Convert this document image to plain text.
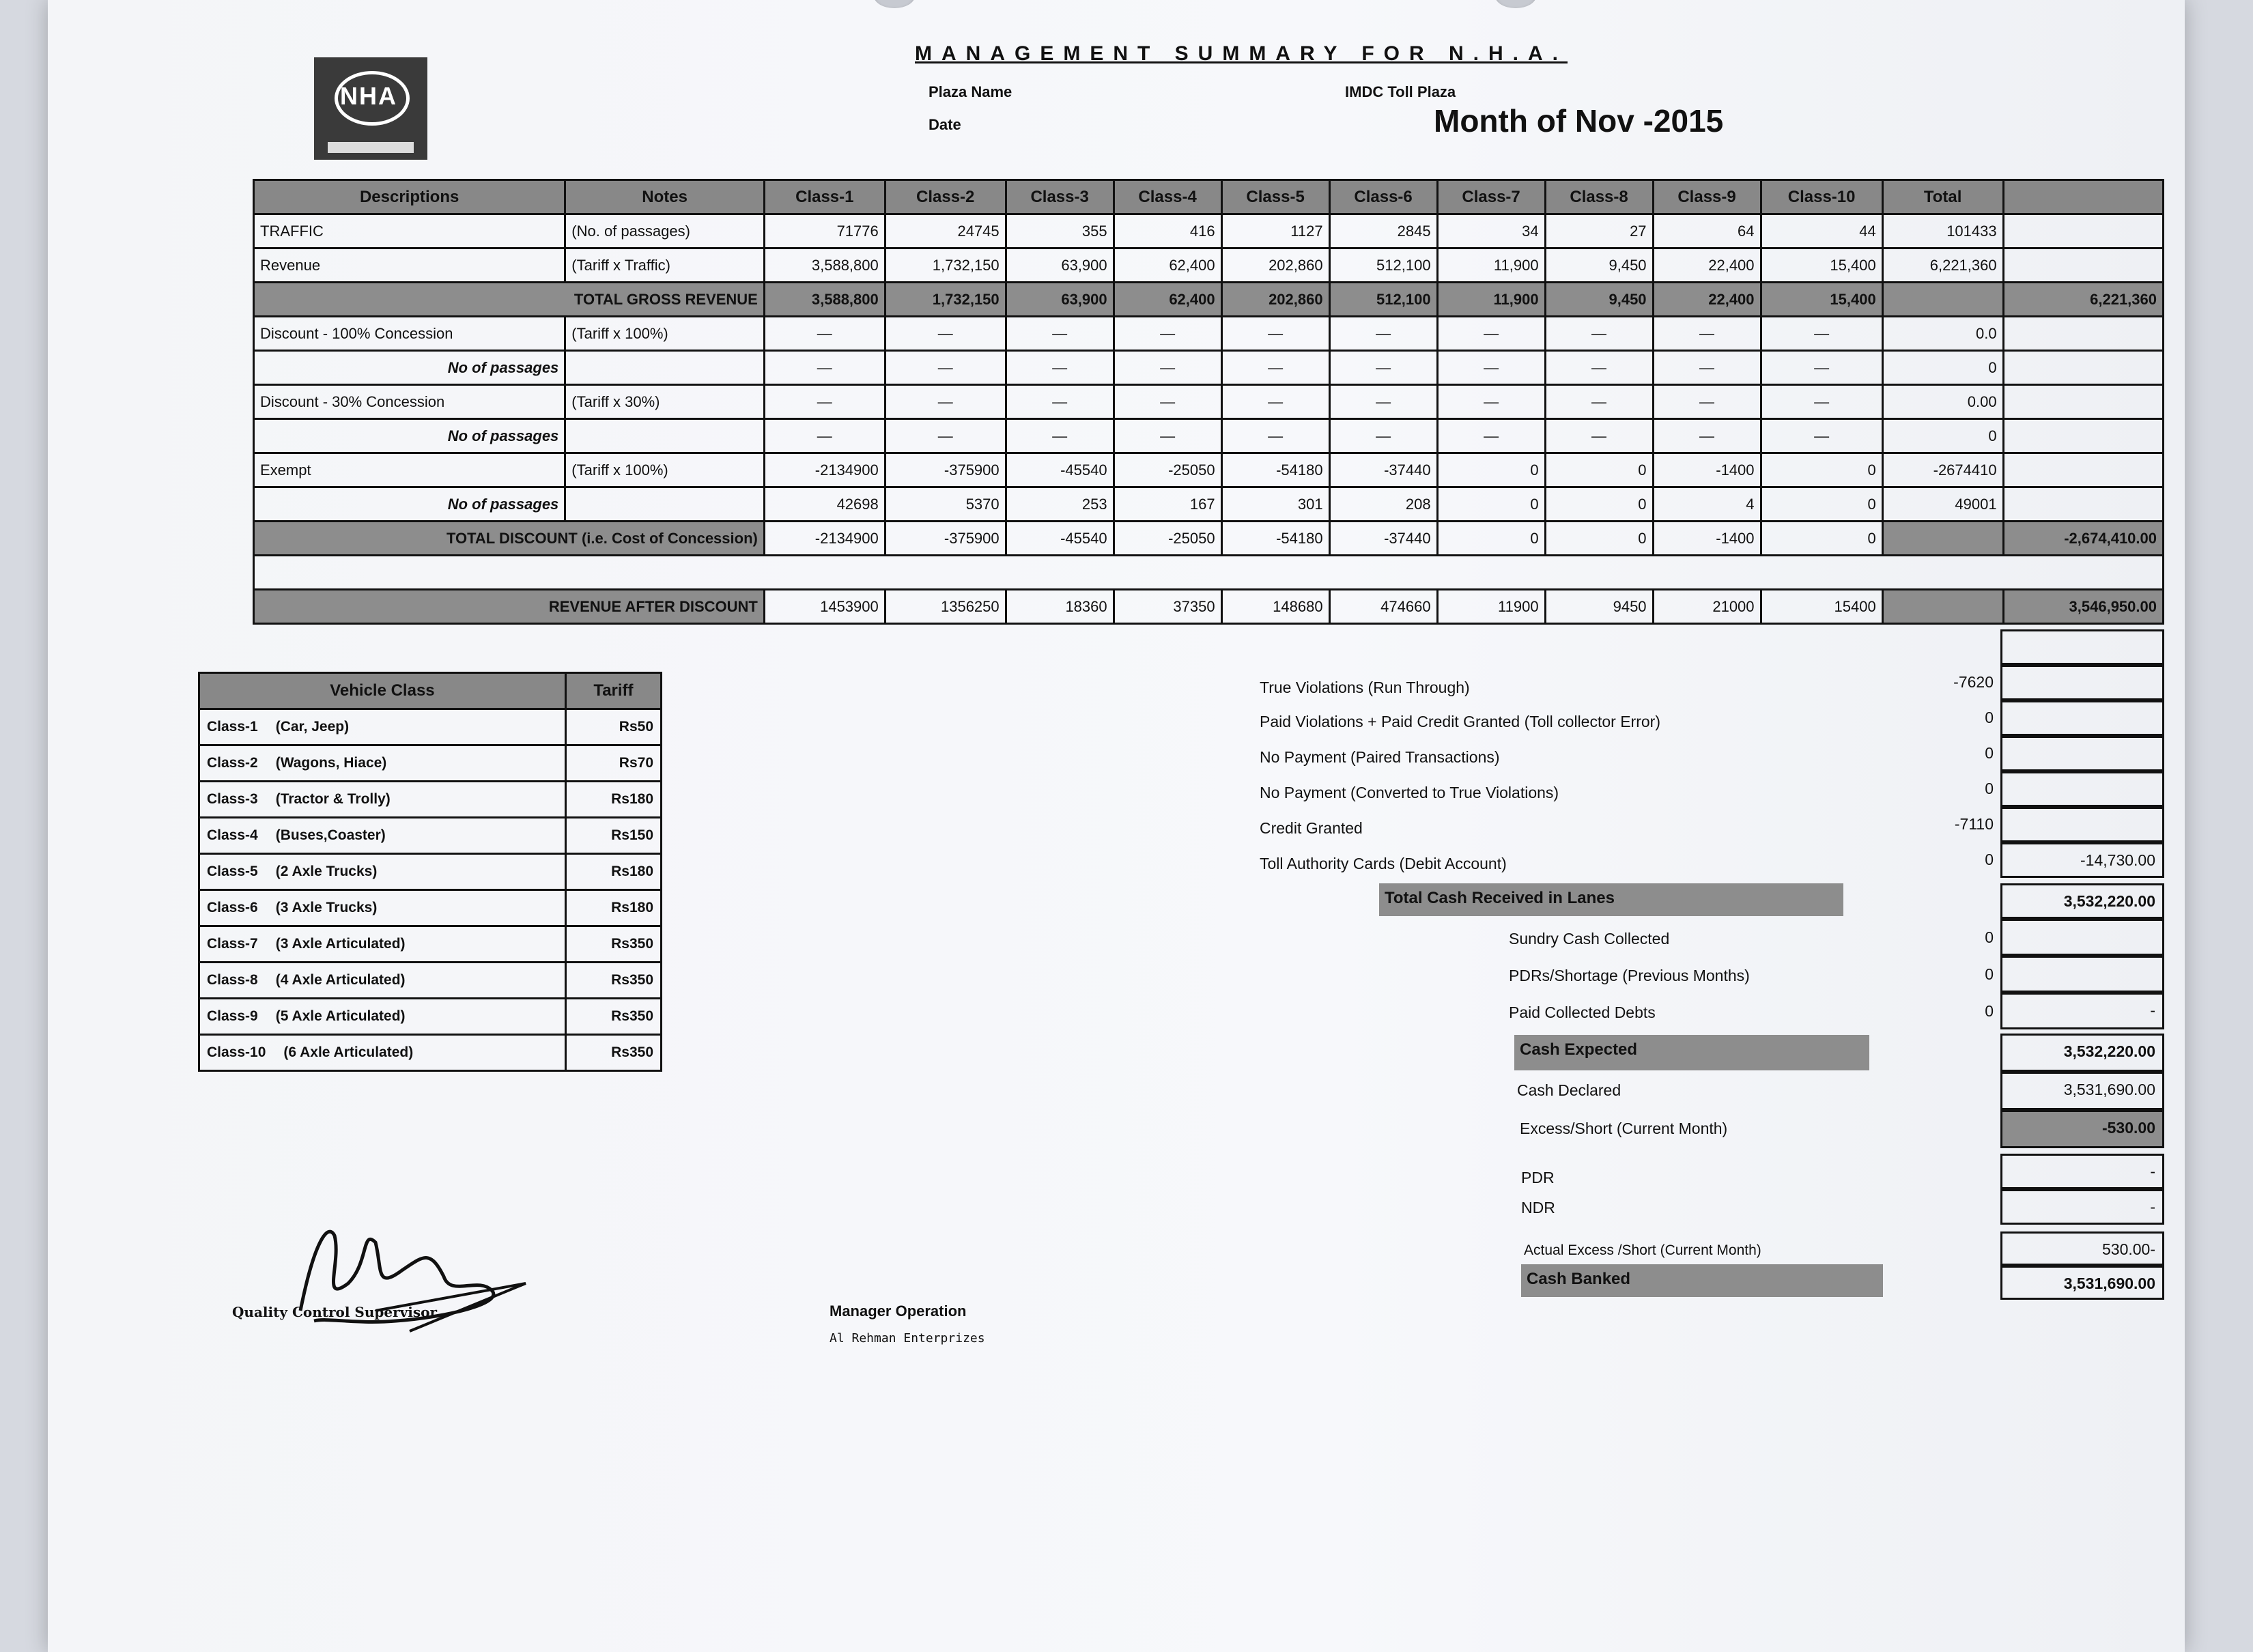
NHA
MANAGEMENT SUMMARY FOR N.H.A.
Plaza Name	IMDC Toll Plaza
Date	Month of Nov -2015
Descriptions	Notes	Class-1	Class-2	Class-3	Class-4	Class-5	Class-6	Class-7	Class-8	Class-9	Class-10	Total	
TRAFFIC	(No. of passages)	71776	24745	355	416	1127	2845	34	27	64	44	101433	
Revenue	(Tariff x Traffic)	3,588,800	1,732,150	63,900	62,400	202,860	512,100	11,900	9,450	22,400	15,400	6,221,360	
TOTAL GROSS REVENUE		3,588,800	1,732,150	63,900	62,400	202,860	512,100	11,900	9,450	22,400	15,400		6,221,360
Discount - 100% Concession	(Tariff x 100%)	—	—	—	—	—	—	—	—	—	—	0.0	
No of passages		—	—	—	—	—	—	—	—	—	—	0	
Discount - 30% Concession	(Tariff x 30%)	—	—	—	—	—	—	—	—	—	—	0.00	
No of passages		—	—	—	—	—	—	—	—	—	—	0	
Exempt	(Tariff x 100%)	-2134900	-375900	-45540	-25050	-54180	-37440	0	0	-1400	0	-2674410	
No of passages		42698	5370	253	167	301	208	0	0	4	0	49001	
TOTAL DISCOUNT (i.e. Cost of Concession)		-2134900	-375900	-45540	-25050	-54180	-37440	0	0	-1400	0		-2,674,410.00

REVENUE AFTER DISCOUNT		1453900	1356250	18360	37350	148680	474660	11900	9450	21000	15400		3,546,950.00
Vehicle Class	Tariff
Class-1 (Car, Jeep)	Rs50
Class-2 (Wagons, Hiace)	Rs70
Class-3 (Tractor & Trolly)	Rs180
Class-4 (Buses,Coaster)	Rs150
Class-5 (2 Axle Trucks)	Rs180
Class-6 (3 Axle Trucks)	Rs180
Class-7 (3 Axle Articulated)	Rs350
Class-8 (4 Axle Articulated)	Rs350
Class-9 (5 Axle Articulated)	Rs350
Class-10 (6 Axle Articulated)	Rs350
True Violations (Run Through)	-7620
Paid Violations + Paid Credit Granted (Toll collector Error)	0
No Payment (Paired Transactions)	0
No Payment (Converted to True Violations)	0
Credit Granted	-7110
Toll Authority Cards (Debit Account)	0	-14,730.00
Total Cash Received in Lanes	3,532,220.00
Sundry Cash Collected	0
PDRs/Shortage (Previous Months)	0
Paid Collected Debts	0	-
Cash Expected	3,532,220.00
Cash Declared	3,531,690.00
Excess/Short (Current Month)	-530.00
PDR	-
NDR	-
Actual Excess /Short (Current Month)	530.00-
Cash Banked	3,531,690.00
Quality Control Supervisor	Manager Operation
Al Rehman Enterprizes
